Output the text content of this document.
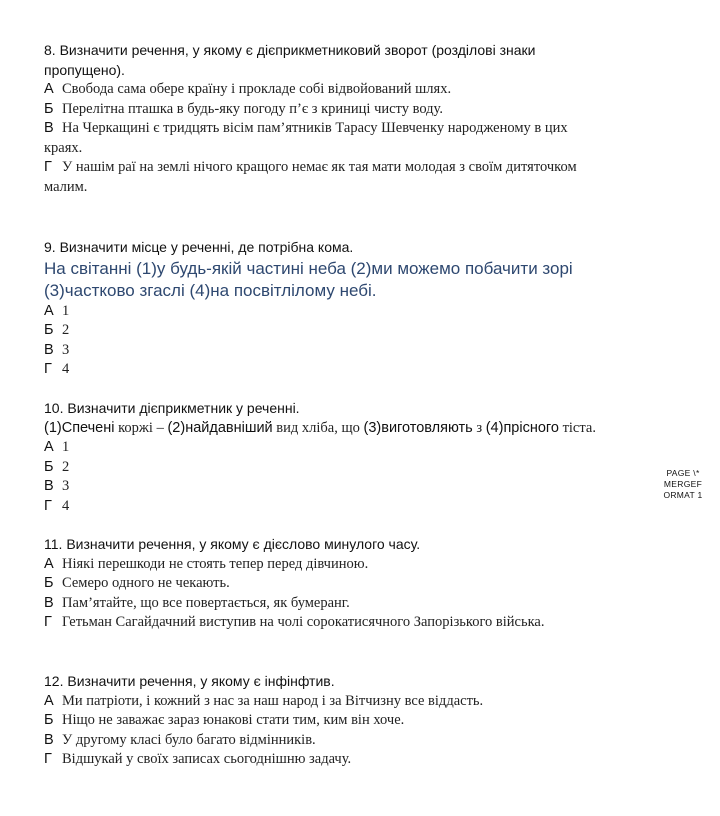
8. Визначити речення, у якому є дієприкметниковий зворот (розділові знаки
пропущено).
А Свобода сама обере країну і прокладе собі відвойований шлях.
Б Перелітна пташка в будь-яку погоду п’є з криниці чисту воду.
В На Черкащині є тридцять вісім пам’ятників Тарасу Шевченку народженому в цих
краях.
Г У нашім раї на землі нічого кращого немає як тая мати молодая з своїм дитяточком
малим.
9. Визначити місце у реченні, де потрібна кома.
На світанні (1)у будь-якій частині неба (2)ми можемо побачити зорі
(3)частково згаслі (4)на посвітлілому небі.
А 1
Б 2
В 3
Г 4
10. Визначити дієприкметник у реченні.
(1)Спечені коржі – (2)найдавніший вид хліба, що (3)виготовляють з (4)прісного тіста.
А 1
Б 2
В 3
Г 4
PAGE \*
MERGEF
ORMAT 1
11. Визначити речення, у якому є дієслово минулого часу.
А Ніякі перешкоди не стоять тепер перед дівчиною.
Б Семеро одного не чекають.
В Пам’ятайте, що все повертається, як бумеранг.
Г Гетьман Сагайдачний виступив на чолі сорокатисячного Запорізького війська.
12. Визначити речення, у якому є інфінфтив.
А Ми патріоти, і кожний з нас за наш народ і за Вітчизну все віддасть.
Б Ніщо не заважає зараз юнакові стати тим, ким він хоче.
В У другому класі було багато відмінників.
Г Відшукай у своїх записах сьогоднішню задачу.
